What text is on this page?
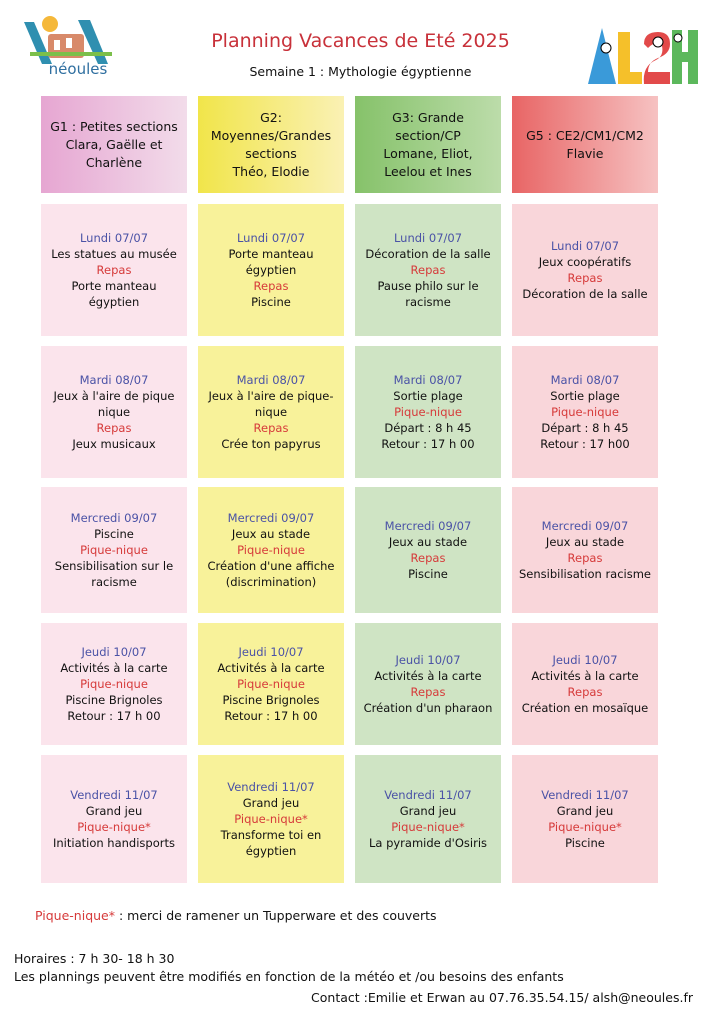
néoules
Planning Vacances de Eté 2025
Semaine 1 : Mythologie égyptienne
G1 : Petites sections
Clara, Gaëlle et
Charlène
G2:
Moyennes/Grandes
sections
Théo, Elodie
G3: Grande
section/CP
Lomane, Eliot,
Leelou et Ines
G5 : CE2/CM1/CM2
Flavie
Lundi 07/07
Les statues au musée
Repas
Porte manteau
égyptien
Lundi 07/07
Porte manteau
égyptien
Repas
Piscine
Lundi 07/07
Décoration de la salle
Repas
Pause philo sur le
racisme
Lundi 07/07
Jeux coopératifs
Repas
Décoration de la salle
Mardi 08/07
Jeux à l'aire de pique
nique
Repas
Jeux musicaux
Mardi 08/07
Jeux à l'aire de pique-
nique
Repas
Crée ton papyrus
Mardi 08/07
Sortie plage
Pique-nique
Départ : 8 h 45
Retour : 17 h 00
Mardi 08/07
Sortie plage
Pique-nique
Départ : 8 h 45
Retour : 17 h00
Mercredi 09/07
Piscine
Pique-nique
Sensibilisation sur le
racisme
Mercredi 09/07
Jeux au stade
Pique-nique
Création d'une affiche
(discrimination)
Mercredi 09/07
Jeux au stade
Repas
Piscine
Mercredi 09/07
Jeux au stade
Repas
Sensibilisation racisme
Jeudi 10/07
Activités à la carte
Pique-nique
Piscine Brignoles
Retour : 17 h 00
Jeudi 10/07
Activités à la carte
Pique-nique
Piscine Brignoles
Retour : 17 h 00
Jeudi 10/07
Activités à la carte
Repas
Création d'un pharaon
Jeudi 10/07
Activités à la carte
Repas
Création en mosaïque
Vendredi 11/07
Grand jeu
Pique-nique*
Initiation handisports
Vendredi 11/07
Grand jeu
Pique-nique*
Transforme toi en
égyptien
Vendredi 11/07
Grand jeu
Pique-nique*
La pyramide d'Osiris
Vendredi 11/07
Grand jeu
Pique-nique*
Piscine
Pique-nique* : merci de ramener un Tupperware et des couverts
Horaires : 7 h 30- 18 h 30
Les plannings peuvent être modifiés en fonction de la météo et /ou besoins des enfants
Contact :Emilie et Erwan au 07.76.35.54.15/ alsh@neoules.fr
